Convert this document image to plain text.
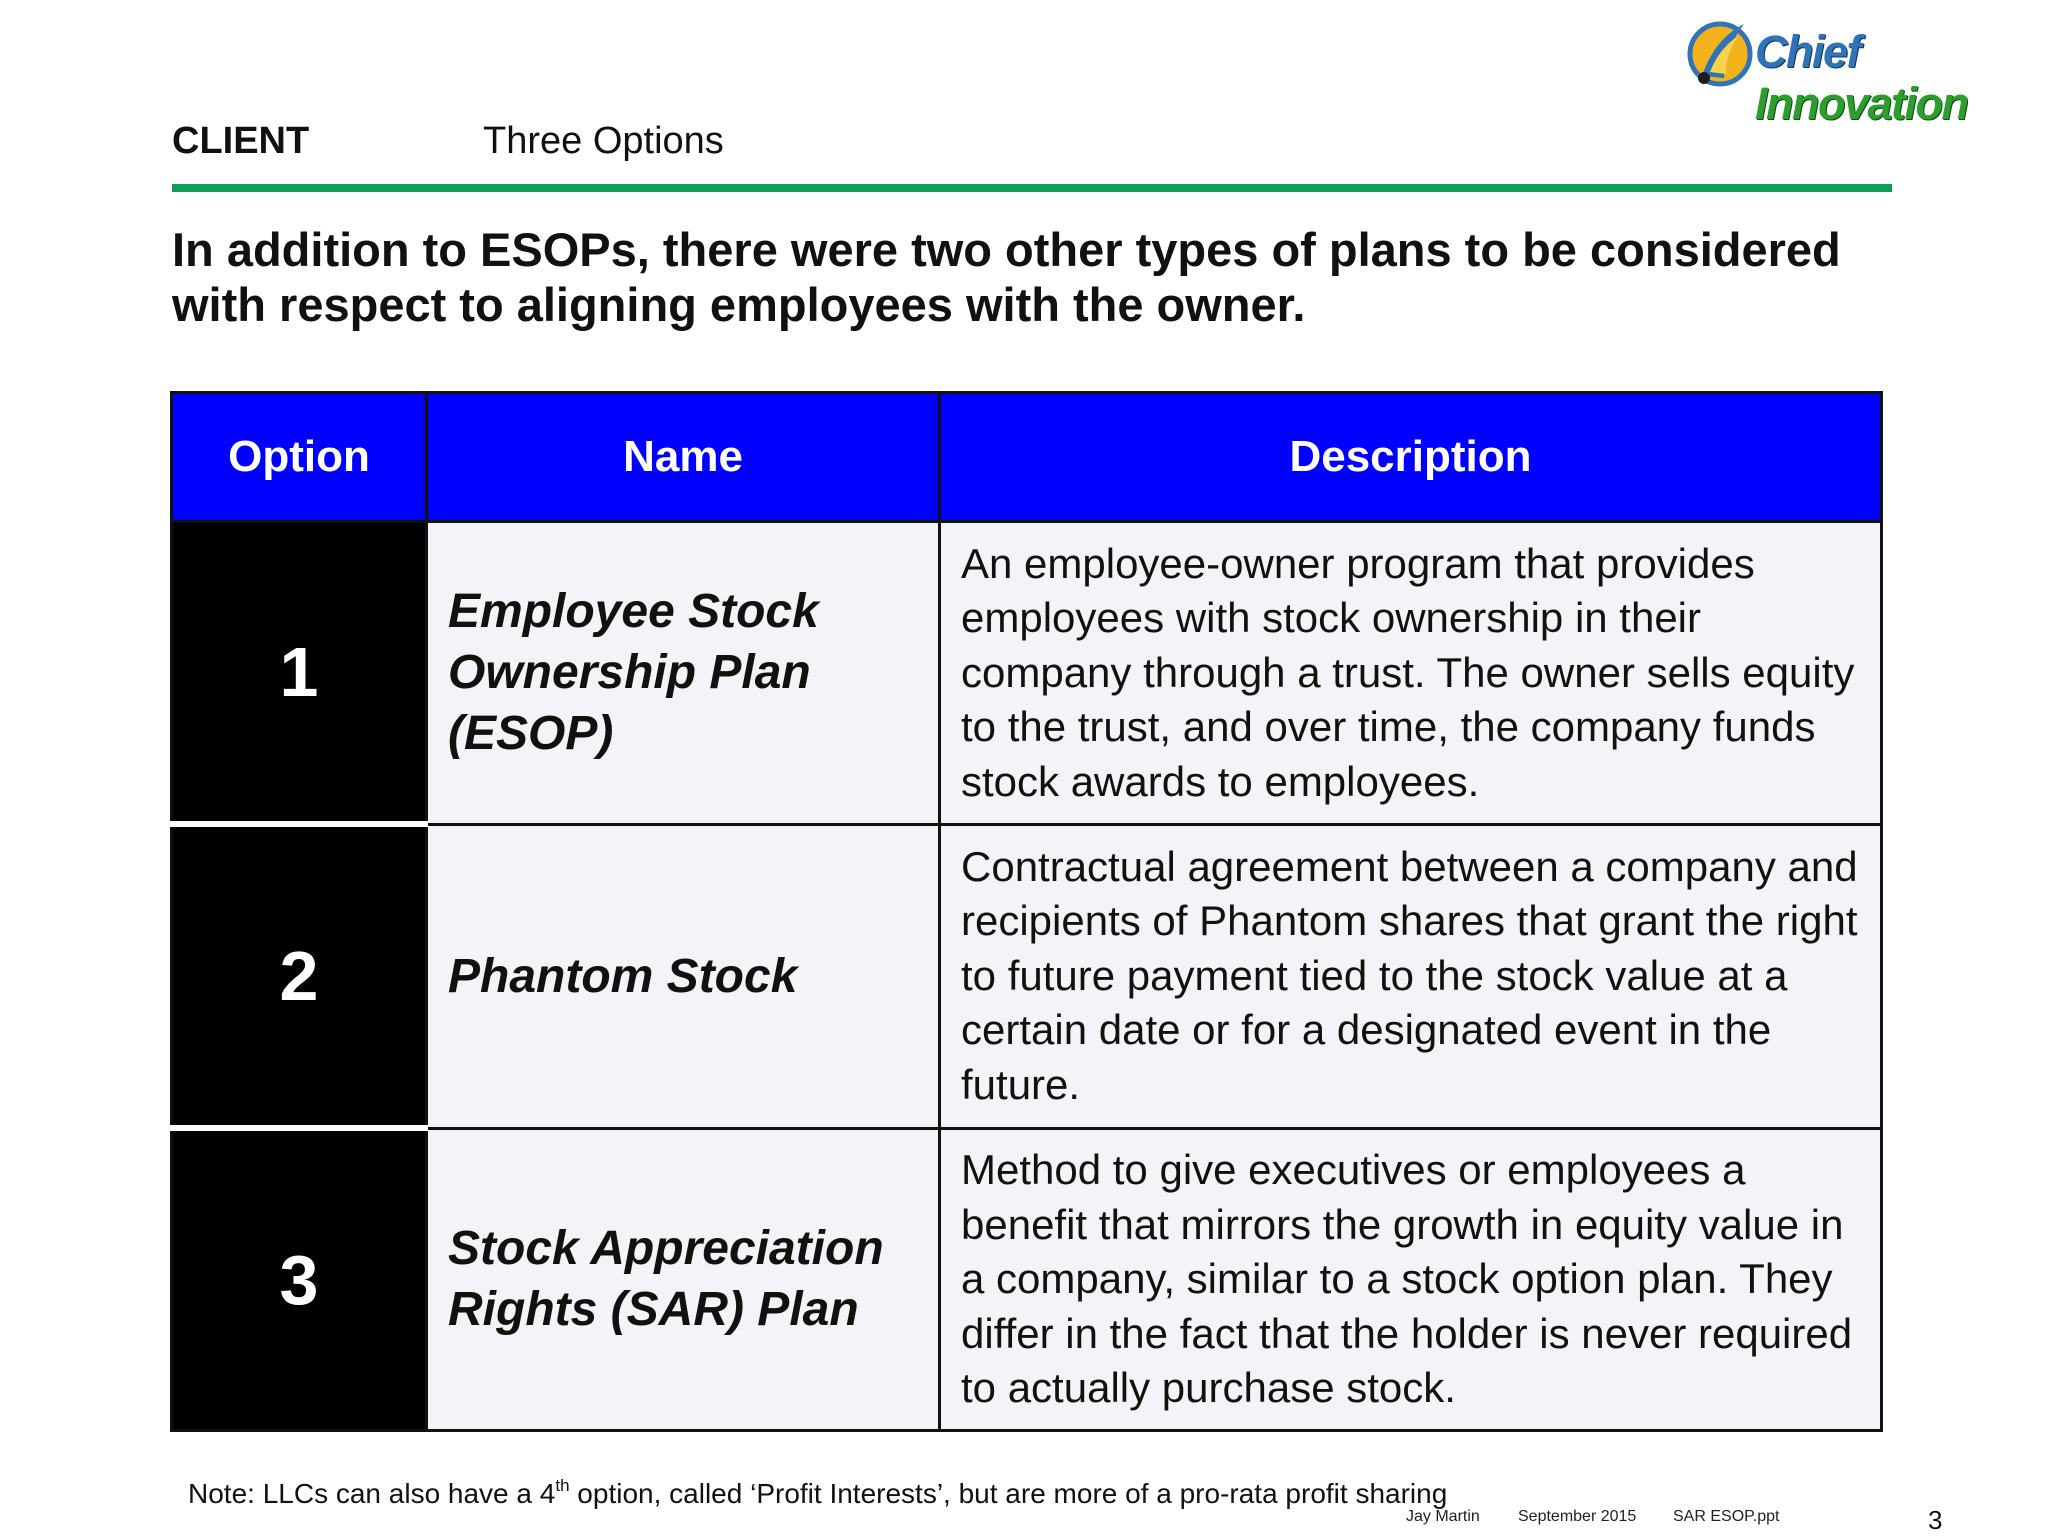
Chief Innovation
CLIENT	Three Options
In addition to ESOPs, there were two other types of plans to be considered with respect to aligning employees with the owner.
Option	Name	Description
1	Employee Stock Ownership Plan (ESOP)	An employee-owner program that provides employees with stock ownership in their company through a trust. The owner sells equity to the trust, and over time, the company funds stock awards to employees.
2	Phantom Stock	Contractual agreement between a company and recipients of Phantom shares that grant the right to future payment tied to the stock value at a certain date or for a designated event in the future.
3	Stock Appreciation Rights (SAR) Plan	Method to give executives or employees a benefit that mirrors the growth in equity value in a company, similar to a stock option plan. They differ in the fact that the holder is never required to actually purchase stock.
Note: LLCs can also have a 4th option, called ‘Profit Interests’, but are more of a pro-rata profit sharing
Jay Martin September 2015 SAR ESOP.ppt	3
